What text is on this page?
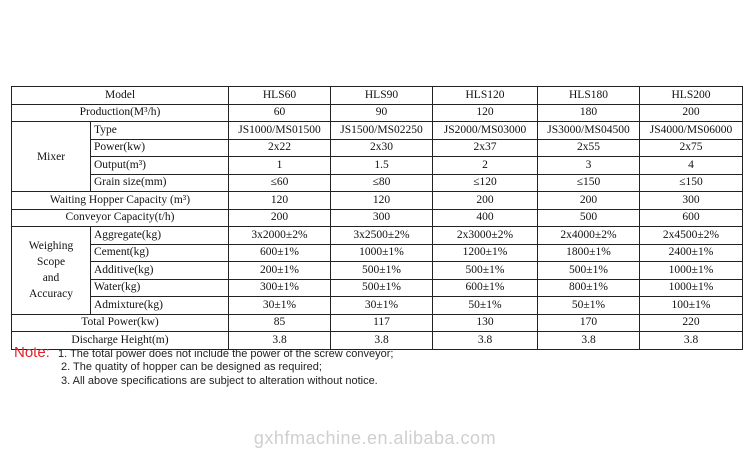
Model		HLS60	HLS90	HLS120	HLS180	HLS200
Production(M³/h)		60	90	120	180	200
Mixer	Type	JS1000/MS01500	JS1500/MS02250	JS2000/MS03000	JS3000/MS04500	JS4000/MS06000
	Power(kw)	2x22	2x30	2x37	2x55	2x75
	Output(m³)	1	1.5	2	3	4
	Grain size(mm)	≤60	≤80	≤120	≤150	≤150
Waiting Hopper Capacity (m³)		120	120	200	200	300
Conveyor Capacity(t/h)		200	300	400	500	600

Weighing
Scope
and
Accuracy	Aggregate(kg)	3x2000±2%	3x2500±2%	2x3000±2%	2x4000±2%	2x4500±2%
	Cement(kg)	600±1%	1000±1%	1200±1%	1800±1%	2400±1%
	Additive(kg)	200±1%	500±1%	500±1%	500±1%	1000±1%
	Water(kg)	300±1%	500±1%	600±1%	800±1%	1000±1%
	Admixture(kg)	30±1%	30±1%	50±1%	50±1%	100±1%
Total Power(kw)		85	117	130	170	220
Discharge Height(m)		3.8	3.8	3.8	3.8	3.8
Note: 1. The total power does not include the power of the screw conveyor;
2. The quatity of hopper can be designed as required;
3. All above specifications are subject to alteration without notice.
gxhfmachine.en.alibaba.com
